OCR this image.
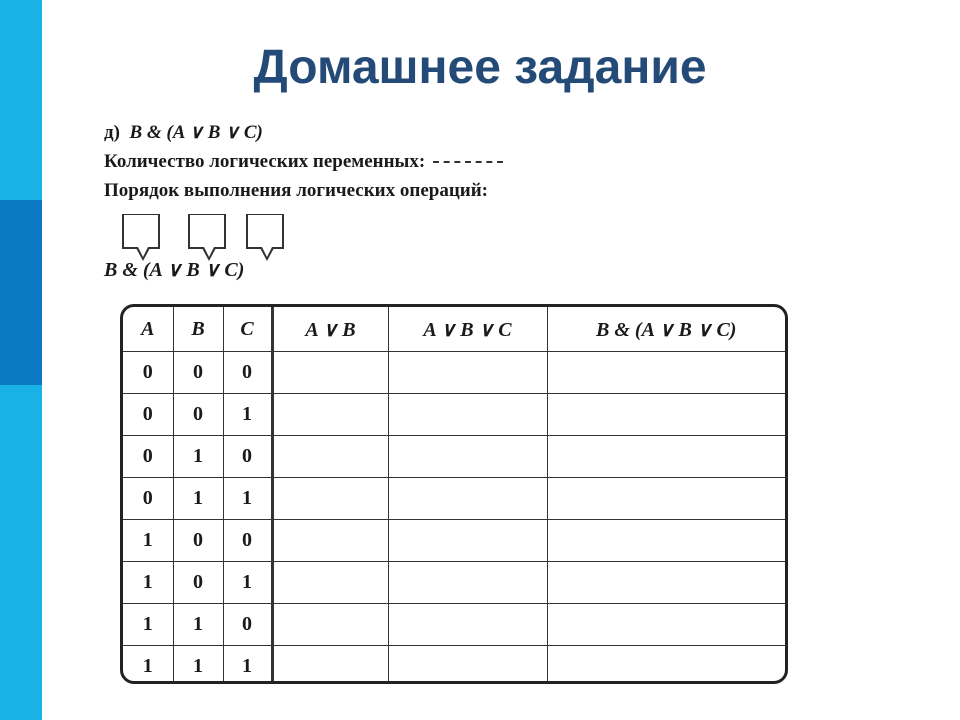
Домашнее задание
д) B & (A ∨ B ∨ C)
Количество логических переменных:
Порядок выполнения логических операций:
B & (A ∨ B ∨ C)
A	B	C	A ∨ B	A ∨ B ∨ C	B & (A ∨ B ∨ C)
0	0	0			
0	0	1			
0	1	0			
0	1	1			
1	0	0			
1	0	1			
1	1	0			
1	1	1			
